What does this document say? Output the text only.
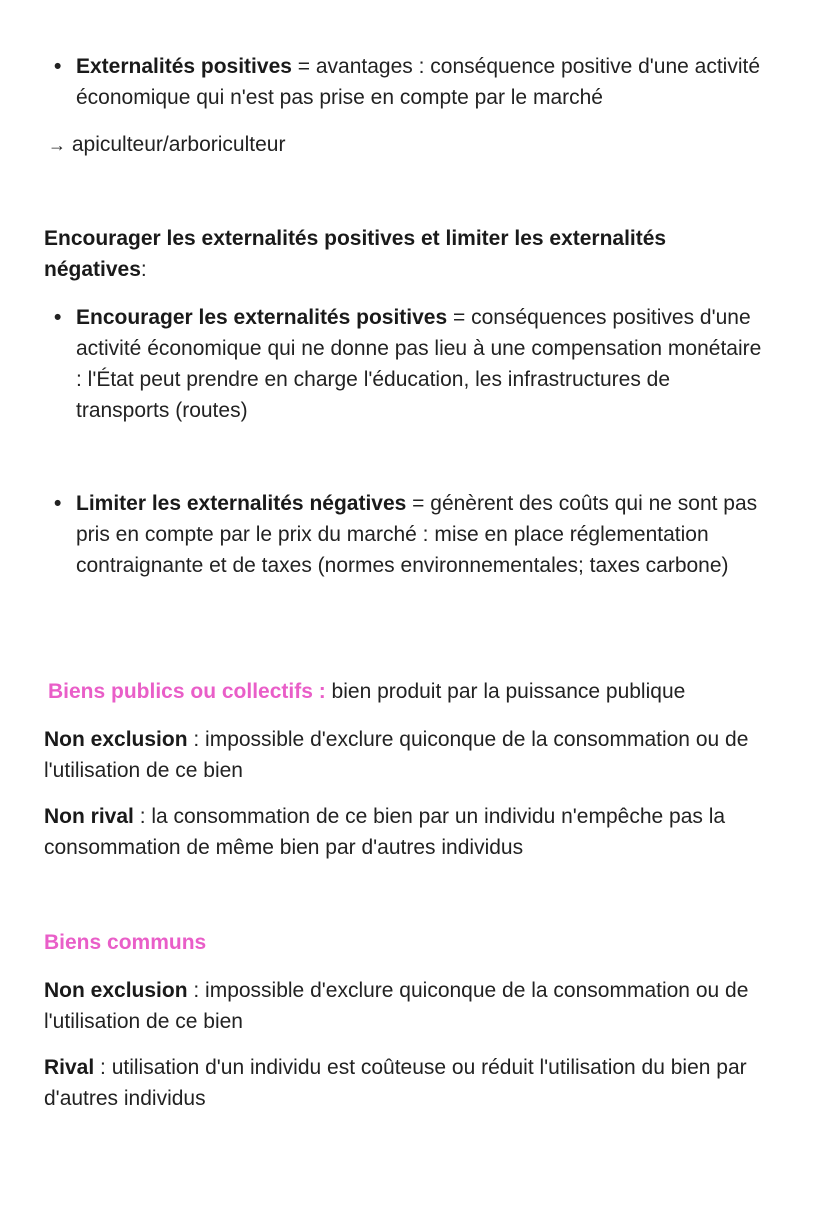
• Externalités positives = avantages : conséquence positive d'une activité économique qui n'est pas prise en compte par le marché

→ apiculteur/arboriculteur

Encourager les externalités positives et limiter les externalités négatives:

• Encourager les externalités positives = conséquences positives d'une activité économique qui ne donne pas lieu à une compensation monétaire : l'État peut prendre en charge l'éducation, les infrastructures de transports (routes)

• Limiter les externalités négatives = génèrent des coûts qui ne sont pas pris en compte par le prix du marché : mise en place réglementation contraignante et de taxes (normes environnementales; taxes carbone)

Biens publics ou collectifs : bien produit par la puissance publique

Non exclusion : impossible d'exclure quiconque de la consommation ou de l'utilisation de ce bien

Non rival : la consommation de ce bien par un individu n'empêche pas la consommation de même bien par d'autres individus

Biens communs

Non exclusion : impossible d'exclure quiconque de la consommation ou de l'utilisation de ce bien

Rival : utilisation d'un individu est coûteuse ou réduit l'utilisation du bien par d'autres individus
